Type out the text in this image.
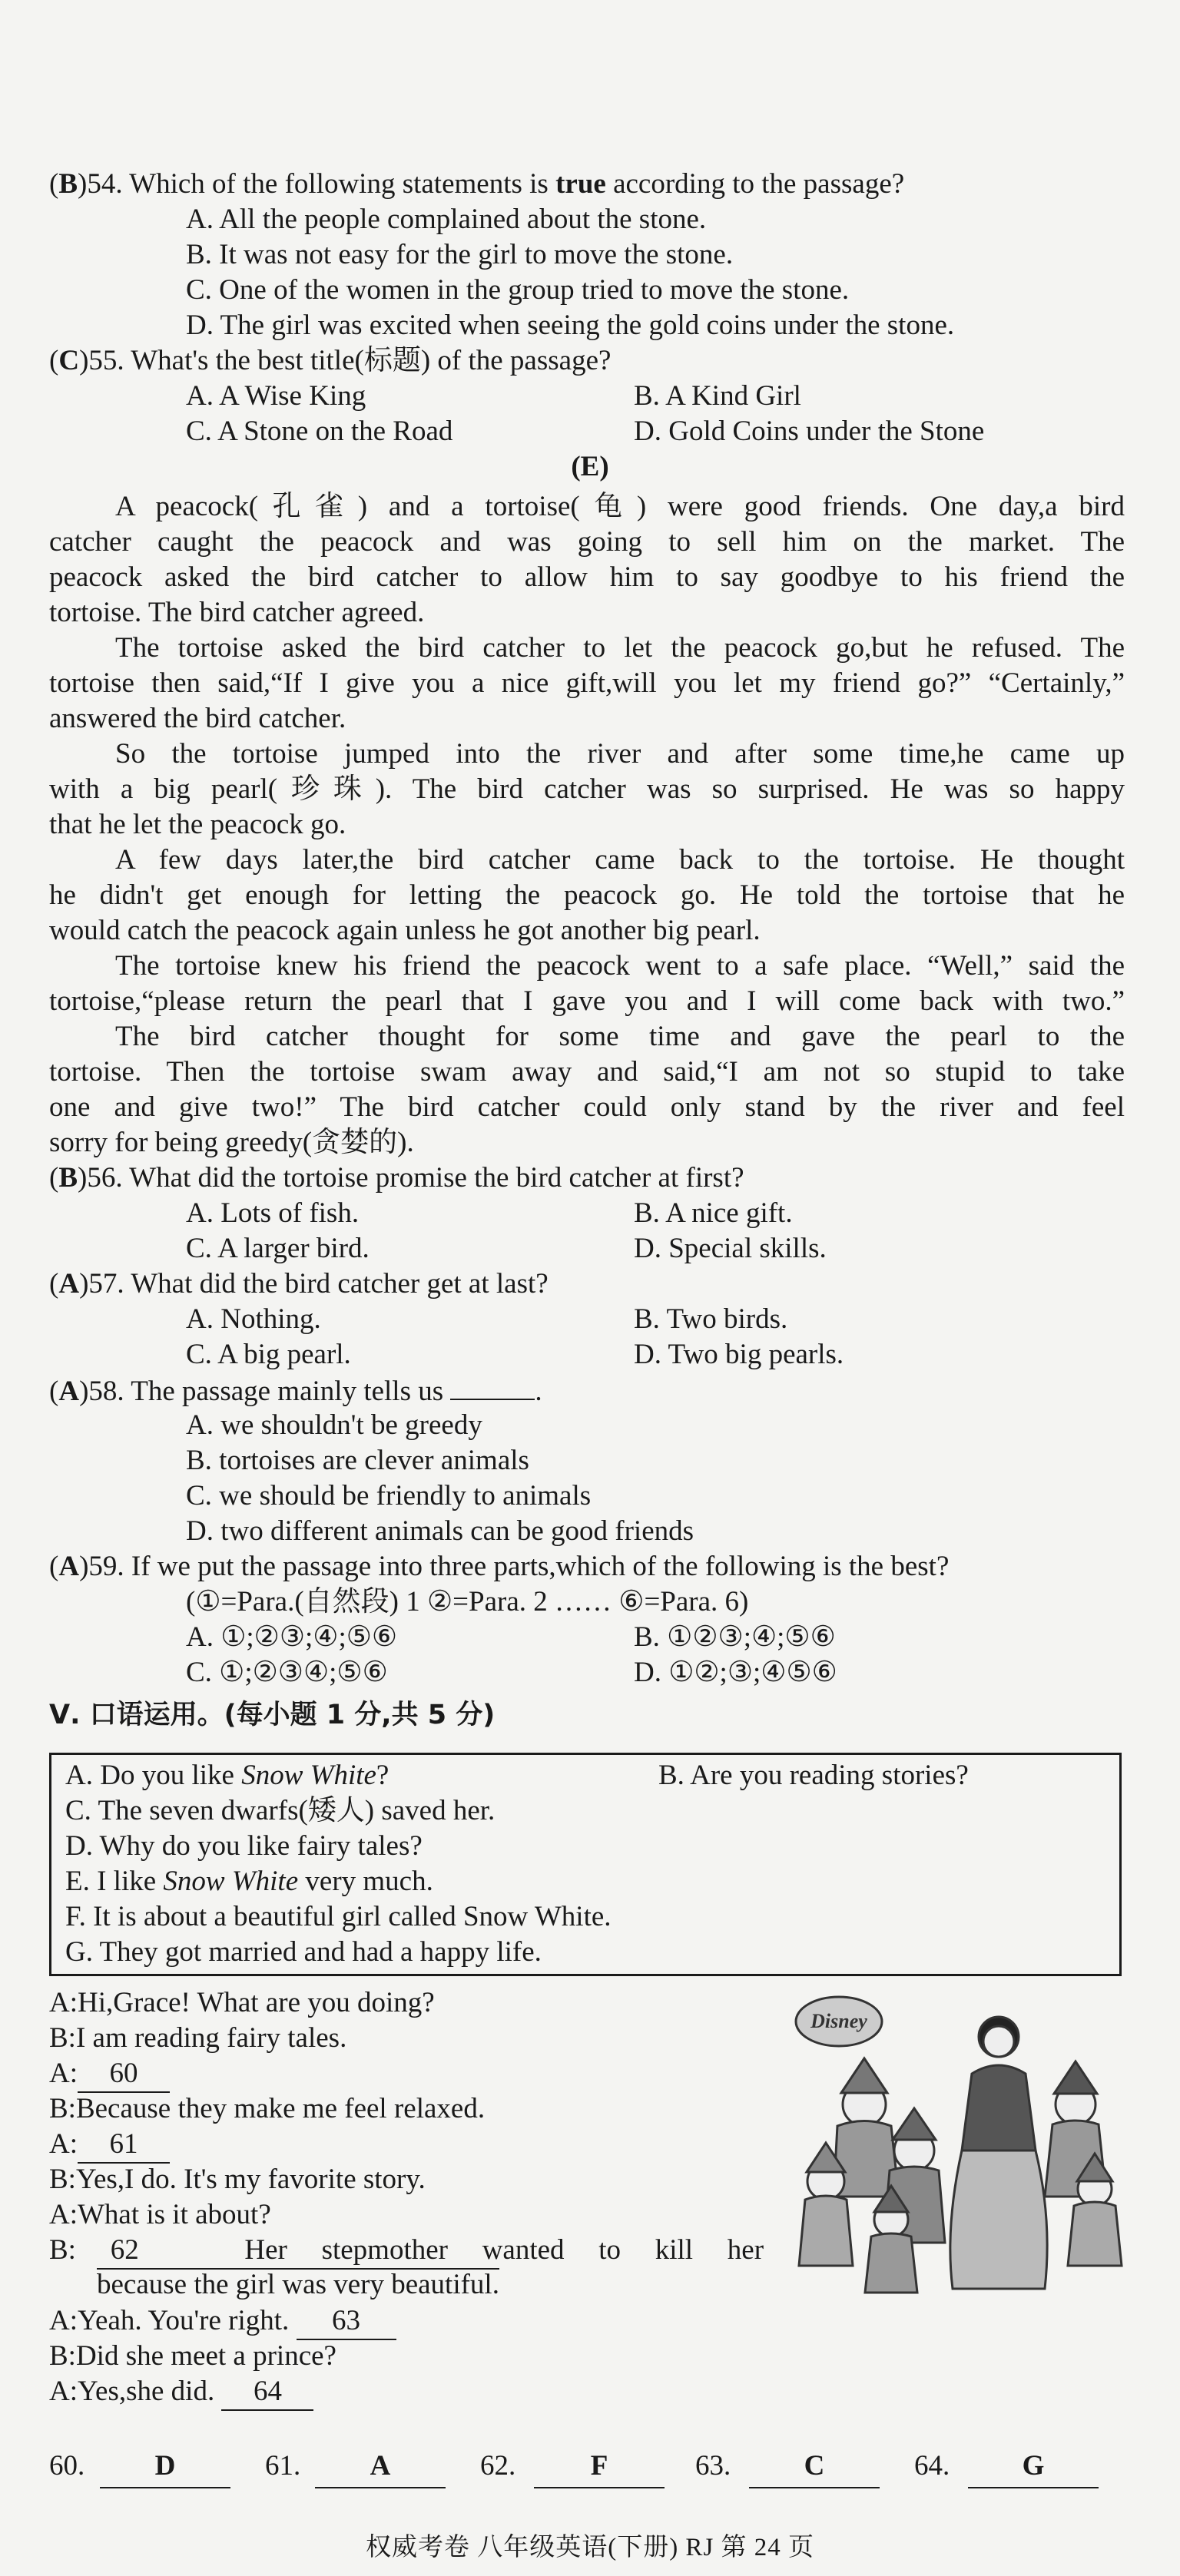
(B)54. Which of the following statements is true according to the passage?
A. All the people complained about the stone.
B. It was not easy for the girl to move the stone.
C. One of the women in the group tried to move the stone.
D. The girl was excited when seeing the gold coins under the stone.
(C)55. What's the best title(标题) of the passage?
A. A Wise King	B. A Kind Girl
C. A Stone on the Road	D. Gold Coins under the Stone
(E)
A peacock(孔雀) and a tortoise(龟) were good friends. One day,a bird
catcher caught the peacock and was going to sell him on the market. The
peacock asked the bird catcher to allow him to say goodbye to his friend the
tortoise. The bird catcher agreed.
The tortoise asked the bird catcher to let the peacock go,but he refused. The
tortoise then said,“If I give you a nice gift,will you let my friend go?” “Certainly,”
answered the bird catcher.
So the tortoise jumped into the river and after some time,he came up
with a big pearl(珍珠). The bird catcher was so surprised. He was so happy
that he let the peacock go.
A few days later,the bird catcher came back to the tortoise. He thought
he didn't get enough for letting the peacock go. He told the tortoise that he
would catch the peacock again unless he got another big pearl.
The tortoise knew his friend the peacock went to a safe place. “Well,” said the
tortoise,“please return the pearl that I gave you and I will come back with two.”
The bird catcher thought for some time and gave the pearl to the
tortoise. Then the tortoise swam away and said,“I am not so stupid to take
one and give two!” The bird catcher could only stand by the river and feel
sorry for being greedy(贪婪的).
(B)56. What did the tortoise promise the bird catcher at first?
A. Lots of fish.	B. A nice gift.
C. A larger bird.	D. Special skills.
(A)57. What did the bird catcher get at last?
A. Nothing.	B. Two birds.
C. A big pearl.	D. Two big pearls.
(A)58. The passage mainly tells us	.
A. we shouldn't be greedy
B. tortoises are clever animals
C. we should be friendly to animals
D. two different animals can be good friends
(A)59. If we put the passage into three parts,which of the following is the best?
(①=Para.(自然段) 1 ②=Para. 2 …… ⑥=Para. 6)
A. ①;②③;④;⑤⑥	B. ①②③;④;⑤⑥
C. ①;②③④;⑤⑥	D. ①②;③;④⑤⑥
Ⅴ. 口语运用。(每小题 1 分,共 5 分)
A. Do you like Snow White?	B. Are you reading stories?
C. The seven dwarfs(矮人) saved her.
D. Why do you like fairy tales?
E. I like Snow White very much.
F. It is about a beautiful girl called Snow White.
G. They got married and had a happy life.
A:Hi,Grace! What are you doing?
B:I am reading fairy tales.
A: 60
B:Because they make me feel relaxed.
A: 61
B:Yes,I do. It's my favorite story.
A:What is it about?
B: 62	Her stepmother wanted to kill her
because the girl was very beautiful.
A:Yeah. You're right. 63
B:Did she meet a prince?
A:Yes,she did. 64
Disney
60.	D	61.	A	62.	F	63.	C	64.	G
权威考卷 八年级英语(下册) RJ 第 24 页
